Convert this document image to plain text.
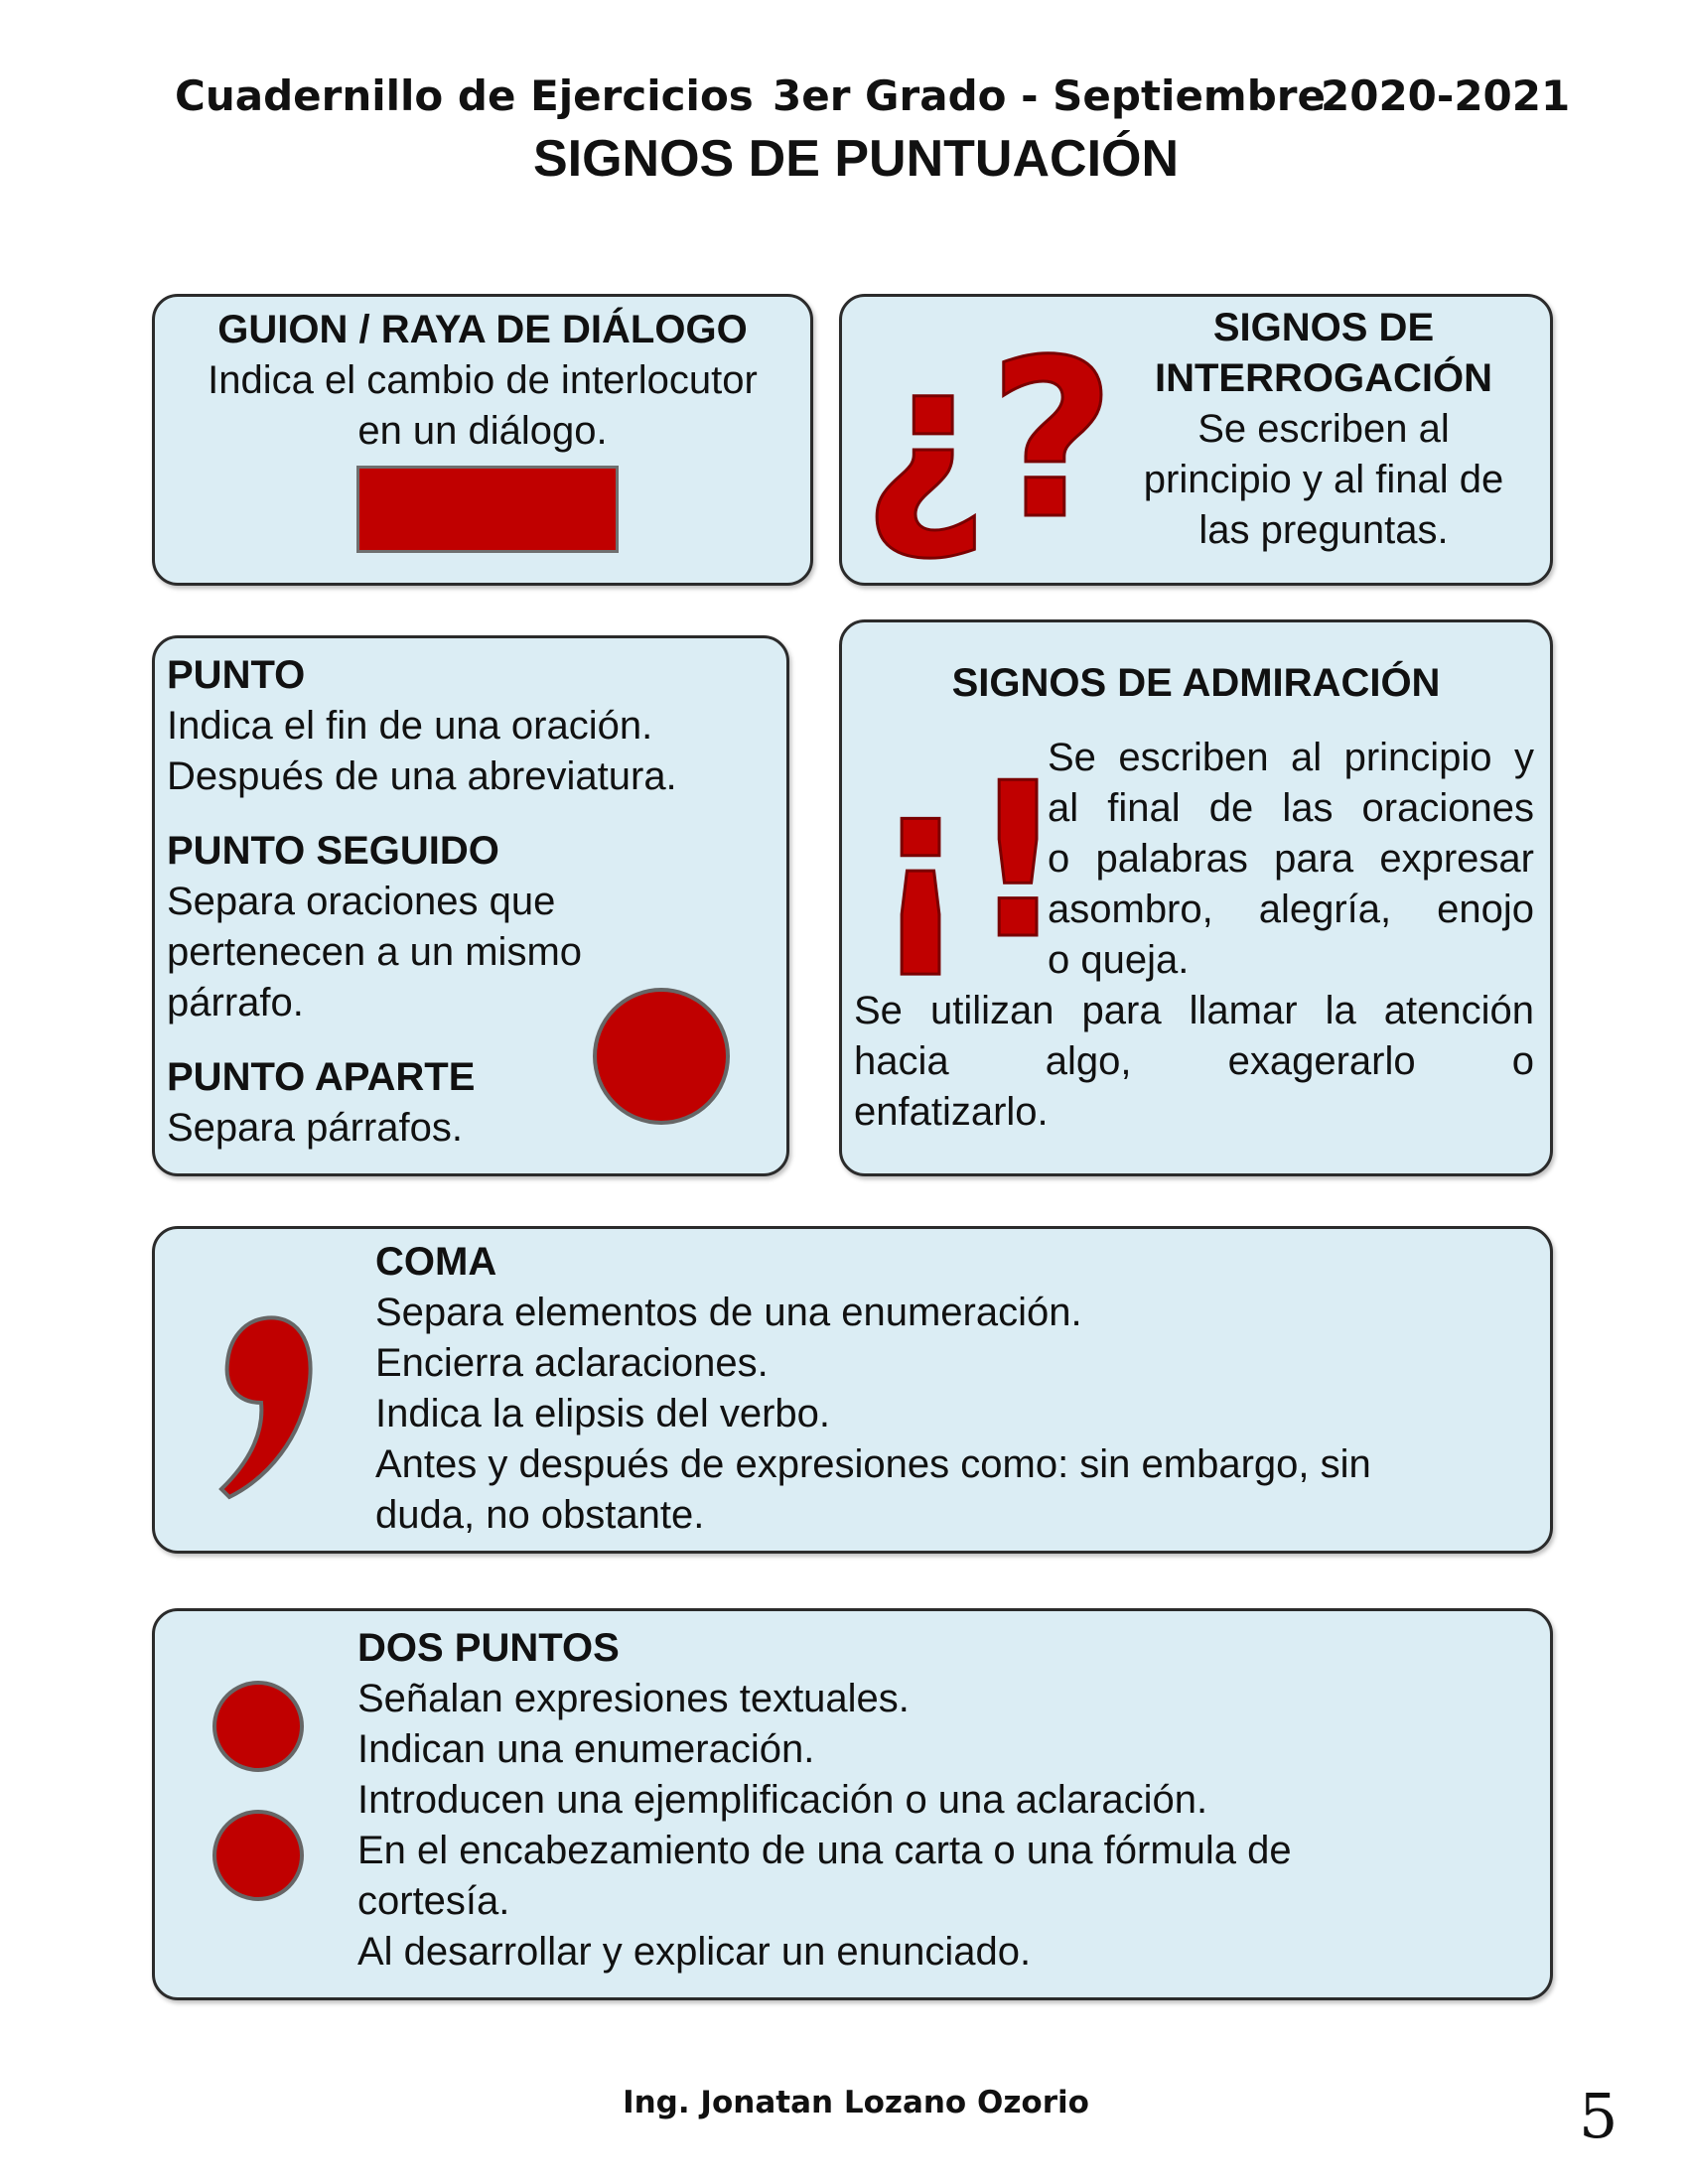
Cuadernillo de Ejercicios 3er Grado - Septiembre
2020-2021
SIGNOS DE PUNTUACIÓN
GUION / RAYA DE DIÁLOGO
Indica el cambio de interlocutor
en un diálogo.	¿?	SIGNOS DE
INTERROGACIÓN
Se escriben al
principio y al final de
las preguntas.
PUNTO
Indica el fin de una oración.
Después de una abreviatura.
PUNTO SEGUIDO
Separa oraciones que
pertenecen a un mismo
párrafo.
PUNTO APARTE
Separa párrafos.
SIGNOS DE ADMIRACIÓN
¡!
Se escriben al principio y
al final de las oraciones
o palabras para expresar
asombro, alegría, enojo
o queja.
Se utilizan para llamar la atención
hacia algo, exagerarlo o
enfatizarlo.
COMA
Separa elementos de una enumeración.
Encierra aclaraciones.
Indica la elipsis del verbo.
Antes y después de expresiones como: sin embargo, sin
duda, no obstante.
DOS PUNTOS
Señalan expresiones textuales.
Indican una enumeración.
Introducen una ejemplificación o una aclaración.
En el encabezamiento de una carta o una fórmula de
cortesía.
Al desarrollar y explicar un enunciado.
Ing. Jonatan Lozano Ozorio	5
